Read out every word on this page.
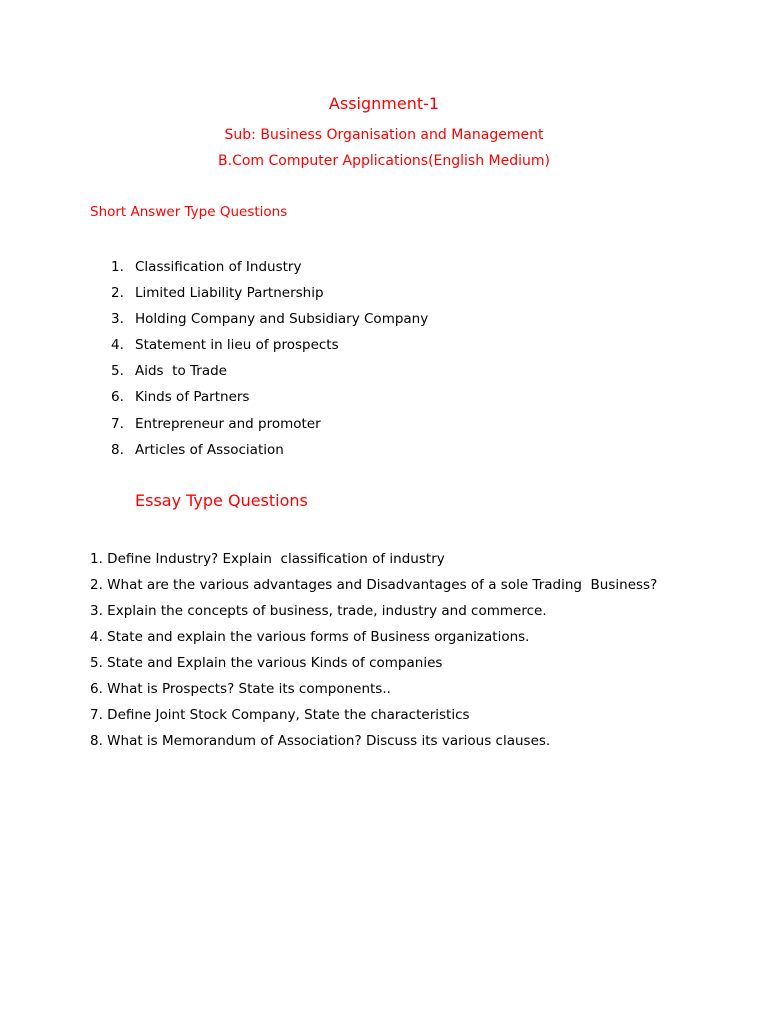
Assignment-1
Sub: Business Organisation and Management
B.Com Computer Applications(English Medium)
Short Answer Type Questions
1. Classification of Industry
2. Limited Liability Partnership
3. Holding Company and Subsidiary Company
4. Statement in lieu of prospects
5. Aids  to Trade
6. Kinds of Partners
7. Entrepreneur and promoter
8. Articles of Association
Essay Type Questions
1. Define Industry? Explain  classification of industry
2. What are the various advantages and Disadvantages of a sole Trading  Business?
3. Explain the concepts of business, trade, industry and commerce.
4. State and explain the various forms of Business organizations.
5. State and Explain the various Kinds of companies
6. What is Prospects? State its components..
7. Define Joint Stock Company, State the characteristics
8. What is Memorandum of Association? Discuss its various clauses.
